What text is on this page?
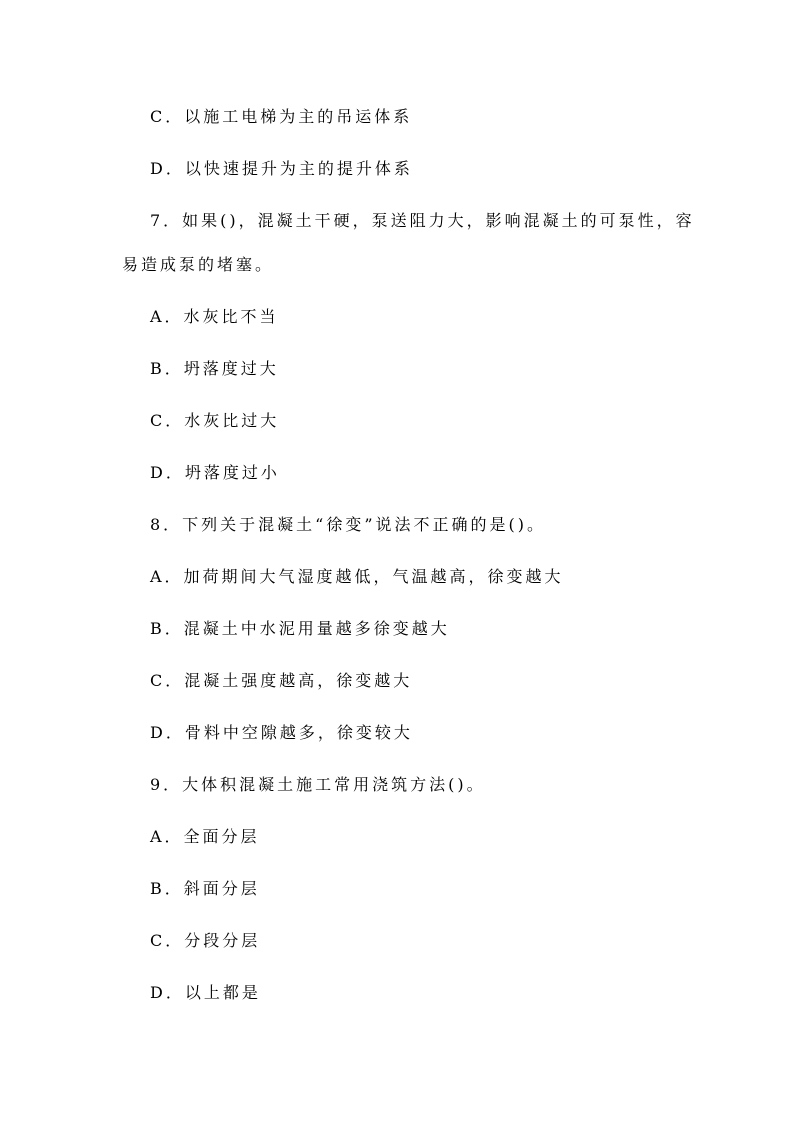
C．以施工电梯为主的吊运体系
D．以快速提升为主的提升体系
7．如果()，混凝土干硬，泵送阻力大，影响混凝土的可泵性，容
易造成泵的堵塞。
A．水灰比不当
B．坍落度过大
C．水灰比过大
D．坍落度过小
8．下列关于混凝土“徐变”说法不正确的是()。
A．加荷期间大气湿度越低，气温越高，徐变越大
B．混凝土中水泥用量越多徐变越大
C．混凝土强度越高，徐变越大
D．骨料中空隙越多，徐变较大
9．大体积混凝土施工常用浇筑方法()。
A．全面分层
B．斜面分层
C．分段分层
D．以上都是
